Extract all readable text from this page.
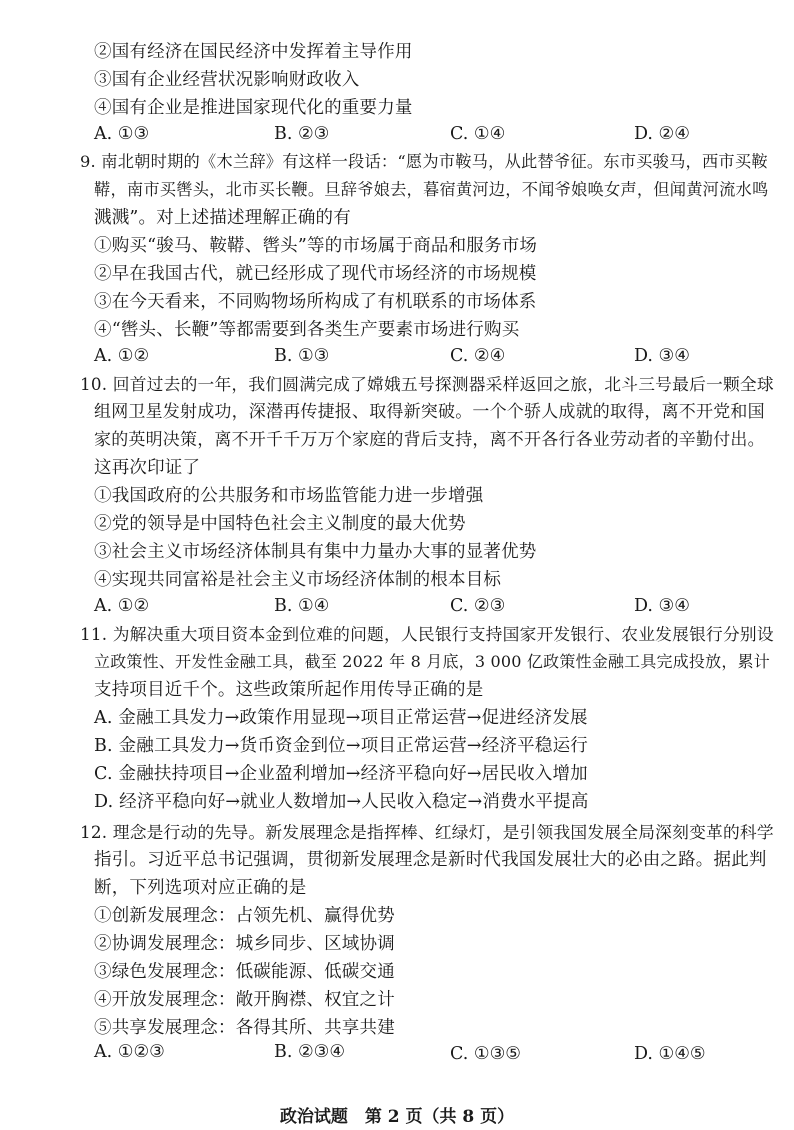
②国有经济在国民经济中发挥着主导作用
③国有企业经营状况影响财政收入
④国有企业是推进国家现代化的重要力量
A. ①③	B. ②③	C. ①④	D. ②④
9. 南北朝时期的《木兰辞》有这样一段话：“愿为市鞍马，从此替爷征。东市买骏马，西市买鞍
鞯，南市买辔头，北市买长鞭。旦辞爷娘去，暮宿黄河边，不闻爷娘唤女声，但闻黄河流水鸣
溅溅”。对上述描述理解正确的有
①购买“骏马、鞍鞯、辔头”等的市场属于商品和服务市场
②早在我国古代，就已经形成了现代市场经济的市场规模
③在今天看来，不同购物场所构成了有机联系的市场体系
④“辔头、长鞭”等都需要到各类生产要素市场进行购买
A. ①②	B. ①③	C. ②④	D. ③④
10. 回首过去的一年，我们圆满完成了嫦娥五号探测器采样返回之旅，北斗三号最后一颗全球
组网卫星发射成功，深潜再传捷报、取得新突破。一个个骄人成就的取得，离不开党和国
家的英明决策，离不开千千万万个家庭的背后支持，离不开各行各业劳动者的辛勤付出。
这再次印证了
①我国政府的公共服务和市场监管能力进一步增强
②党的领导是中国特色社会主义制度的最大优势
③社会主义市场经济体制具有集中力量办大事的显著优势
④实现共同富裕是社会主义市场经济体制的根本目标
A. ①②	B. ①④	C. ②③	D. ③④
11. 为解决重大项目资本金到位难的问题，人民银行支持国家开发银行、农业发展银行分别设
立政策性、开发性金融工具，截至 2022 年 8 月底，3 000 亿政策性金融工具完成投放，累计
支持项目近千个。这些政策所起作用传导正确的是
A. 金融工具发力→政策作用显现→项目正常运营→促进经济发展
B. 金融工具发力→货币资金到位→项目正常运营→经济平稳运行
C. 金融扶持项目→企业盈利增加→经济平稳向好→居民收入增加
D. 经济平稳向好→就业人数增加→人民收入稳定→消费水平提高
12. 理念是行动的先导。新发展理念是指挥棒、红绿灯，是引领我国发展全局深刻变革的科学
指引。习近平总书记强调，贯彻新发展理念是新时代我国发展壮大的必由之路。据此判
断，下列选项对应正确的是
①创新发展理念：占领先机、赢得优势
②协调发展理念：城乡同步、区域协调
③绿色发展理念：低碳能源、低碳交通
④开放发展理念：敞开胸襟、权宜之计
⑤共享发展理念：各得其所、共享共建
A. ①②③	B. ②③④	C. ①③⑤	D. ①④⑤
政治试题　第 2 页（共 8 页）
